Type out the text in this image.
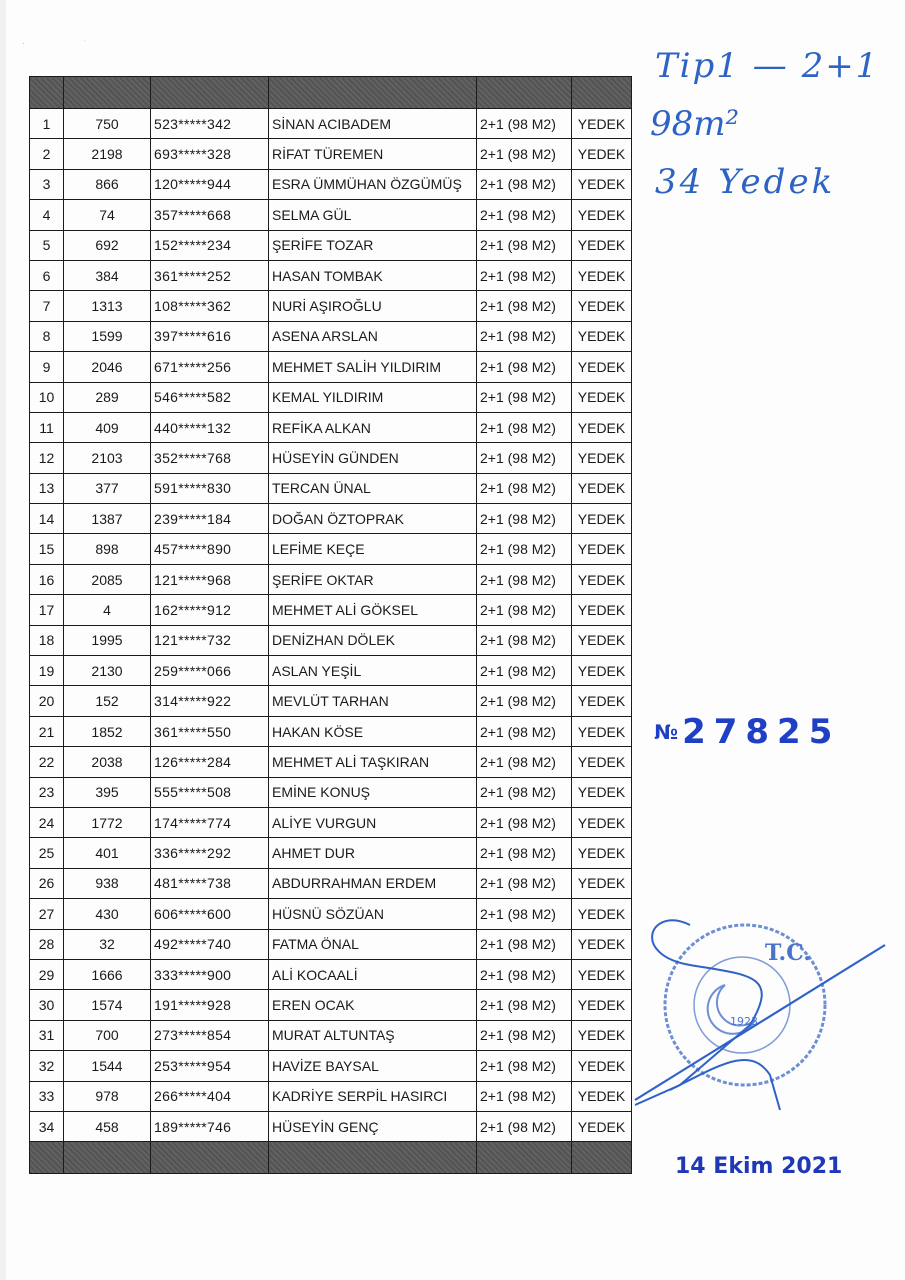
· ˈ

1	750	523*****342	SİNAN ACIBADEM	2+1 (98 M2)	YEDEK
2	2198	693*****328	RİFAT TÜREMEN	2+1 (98 M2)	YEDEK
3	866	120*****944	ESRA ÜMMÜHAN ÖZGÜMÜŞ	2+1 (98 M2)	YEDEK
4	74	357*****668	SELMA GÜL	2+1 (98 M2)	YEDEK
5	692	152*****234	ŞERİFE TOZAR	2+1 (98 M2)	YEDEK
6	384	361*****252	HASAN TOMBAK	2+1 (98 M2)	YEDEK
7	1313	108*****362	NURİ AŞIROĞLU	2+1 (98 M2)	YEDEK
8	1599	397*****616	ASENA ARSLAN	2+1 (98 M2)	YEDEK
9	2046	671*****256	MEHMET SALİH YILDIRIM	2+1 (98 M2)	YEDEK
10	289	546*****582	KEMAL YILDIRIM	2+1 (98 M2)	YEDEK
11	409	440*****132	REFİKA ALKAN	2+1 (98 M2)	YEDEK
12	2103	352*****768	HÜSEYİN GÜNDEN	2+1 (98 M2)	YEDEK
13	377	591*****830	TERCAN ÜNAL	2+1 (98 M2)	YEDEK
14	1387	239*****184	DOĞAN ÖZTOPRAK	2+1 (98 M2)	YEDEK
15	898	457*****890	LEFİME KEÇE	2+1 (98 M2)	YEDEK
16	2085	121*****968	ŞERİFE OKTAR	2+1 (98 M2)	YEDEK
17	4	162*****912	MEHMET ALİ GÖKSEL	2+1 (98 M2)	YEDEK
18	1995	121*****732	DENİZHAN DÖLEK	2+1 (98 M2)	YEDEK
19	2130	259*****066	ASLAN YEŞİL	2+1 (98 M2)	YEDEK
20	152	314*****922	MEVLÜT TARHAN	2+1 (98 M2)	YEDEK
21	1852	361*****550	HAKAN KÖSE	2+1 (98 M2)	YEDEK
22	2038	126*****284	MEHMET ALİ TAŞKIRAN	2+1 (98 M2)	YEDEK
23	395	555*****508	EMİNE KONUŞ	2+1 (98 M2)	YEDEK
24	1772	174*****774	ALİYE VURGUN	2+1 (98 M2)	YEDEK
25	401	336*****292	AHMET DUR	2+1 (98 M2)	YEDEK
26	938	481*****738	ABDURRAHMAN ERDEM	2+1 (98 M2)	YEDEK
27	430	606*****600	HÜSNÜ SÖZÜAN	2+1 (98 M2)	YEDEK
28	32	492*****740	FATMA ÖNAL	2+1 (98 M2)	YEDEK
29	1666	333*****900	ALİ KOCAALİ	2+1 (98 M2)	YEDEK
30	1574	191*****928	EREN OCAK	2+1 (98 M2)	YEDEK
31	700	273*****854	MURAT ALTUNTAŞ	2+1 (98 M2)	YEDEK
32	1544	253*****954	HAVİZE BAYSAL	2+1 (98 M2)	YEDEK
33	978	266*****404	KADRİYE SERPİL HASIRCI	2+1 (98 M2)	YEDEK
34	458	189*****746	HÜSEYİN GENÇ	2+1 (98 M2)	YEDEK

Tip1 — 2+1
98m²
34 Yedek
№ 27825
T.C.
1923
14 Ekim 2021
